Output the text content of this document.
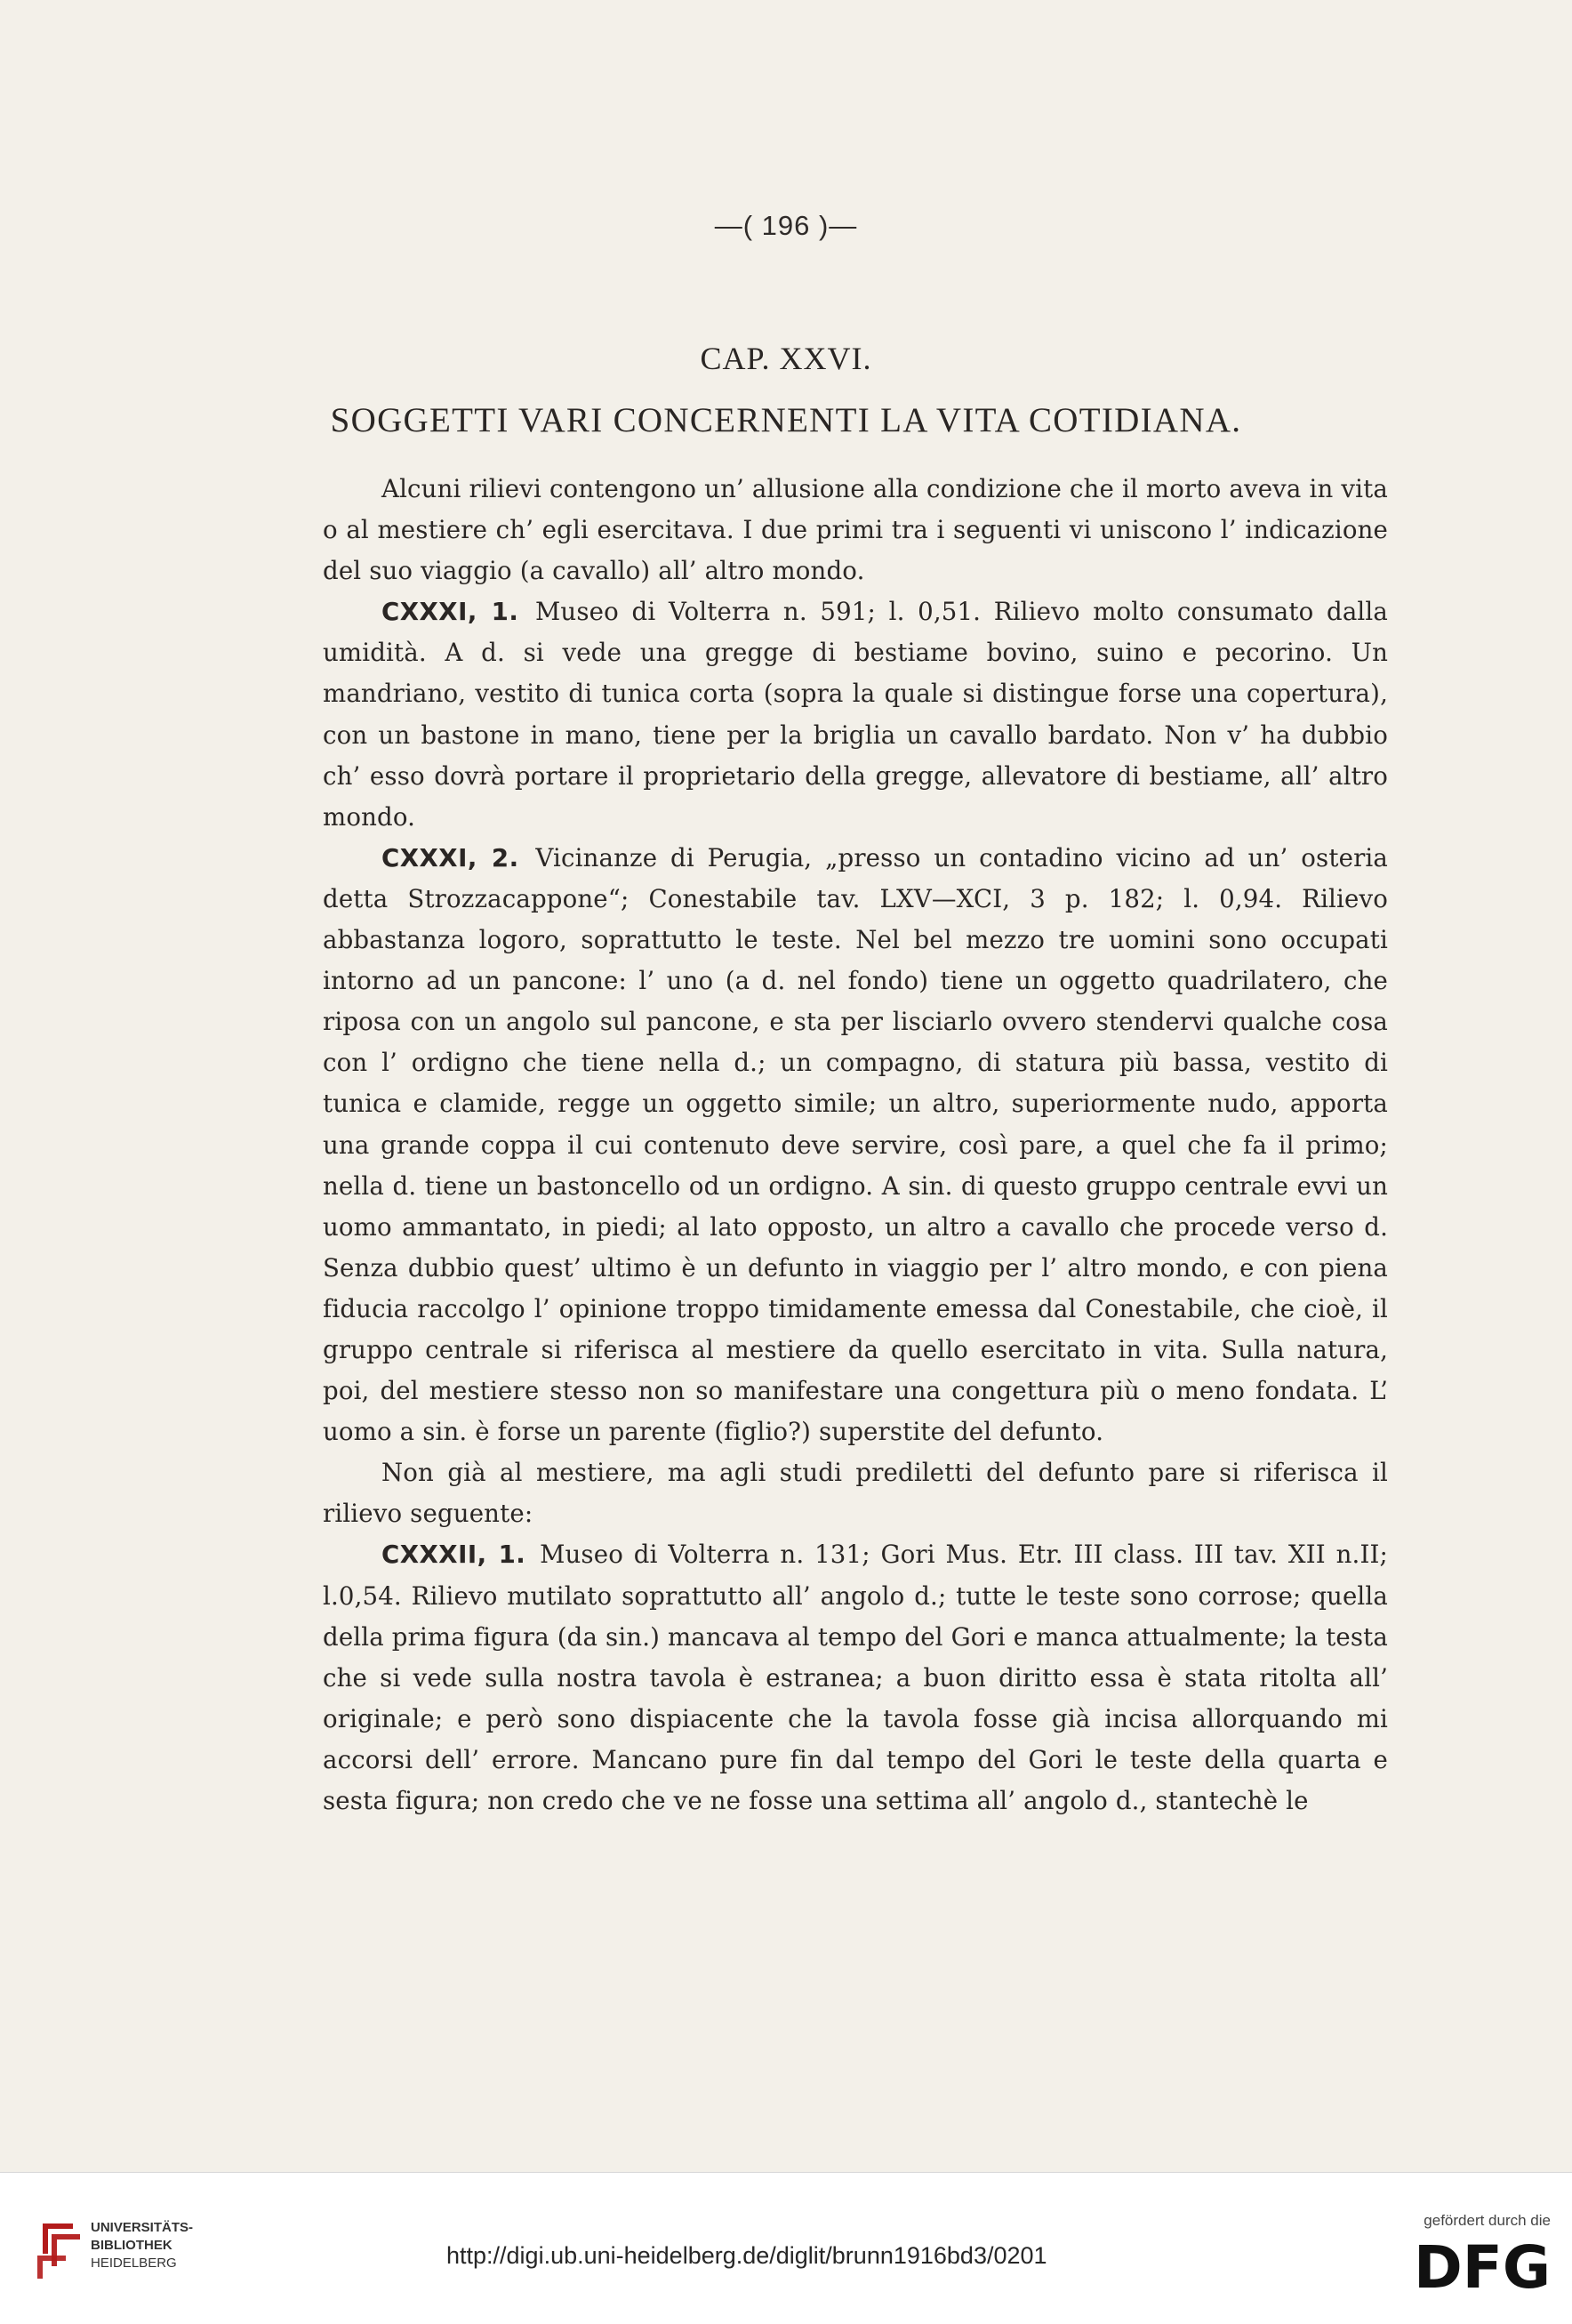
—( 196 )—
CAP. XXVI.
SOGGETTI VARI CONCERNENTI LA VITA COTIDIANA.

Alcuni rilievi contengono un’ allusione alla condizione che il morto aveva in vita o al mestiere ch’ egli esercitava. I due primi tra i seguenti vi uniscono l’ indicazione del suo viaggio (a cavallo) all’ altro mondo.

CXXXI, 1. Museo di Volterra n. 591; l. 0,51. Rilievo molto consumato dalla umidità. A d. si vede una gregge di bestiame bovino, suino e pecorino. Un mandriano, vestito di tunica corta (sopra la quale si distingue forse una copertura), con un bastone in mano, tiene per la briglia un cavallo bardato. Non v’ ha dubbio ch’ esso dovrà portare il proprietario della gregge, allevatore di bestiame, all’ altro mondo.

CXXXI, 2. Vicinanze di Perugia, „presso un contadino vicino ad un’ osteria detta Strozzacappone“; Conestabile tav. LXV—XCI, 3 p. 182; l. 0,94. Rilievo abbastanza logoro, soprattutto le teste. Nel bel mezzo tre uomini sono occupati intorno ad un pancone: l’ uno (a d. nel fondo) tiene un oggetto quadrilatero, che riposa con un angolo sul pancone, e sta per lisciarlo ovvero stendervi qualche cosa con l’ ordigno che tiene nella d.; un compagno, di statura più bassa, vestito di tunica e clamide, regge un oggetto simile; un altro, superiormente nudo, apporta una grande coppa il cui contenuto deve servire, così pare, a quel che fa il primo; nella d. tiene un bastoncello od un ordigno. A sin. di questo gruppo centrale evvi un uomo ammantato, in piedi; al lato opposto, un altro a cavallo che procede verso d. Senza dubbio quest’ ultimo è un defunto in viaggio per l’ altro mondo, e con piena fiducia raccolgo l’ opinione troppo timidamente emessa dal Conestabile, che cioè, il gruppo centrale si riferisca al mestiere da quello esercitato in vita. Sulla natura, poi, del mestiere stesso non so manifestare una congettura più o meno fondata. L’ uomo a sin. è forse un parente (figlio?) superstite del defunto.

Non già al mestiere, ma agli studi prediletti del defunto pare si riferisca il rilievo seguente:

CXXXII, 1. Museo di Volterra n. 131; Gori Mus. Etr. III class. III tav. XII n.II; l.0,54. Rilievo mutilato soprattutto all’ angolo d.; tutte le teste sono corrose; quella della prima figura (da sin.) mancava al tempo del Gori e manca attualmente; la testa che si vede sulla nostra tavola è estranea; a buon diritto essa è stata ritolta all’ originale; e però sono dispiacente che la tavola fosse già incisa allorquando mi accorsi dell’ errore. Mancano pure fin dal tempo del Gori le teste della quarta e sesta figura; non credo che ve ne fosse una settima all’ angolo d., stantechè le

UNIVERSITÄTS-
BIBLIOTHEK
HEIDELBERG	http://digi.ub.uni-heidelberg.de/diglit/brunn1916bd3/0201
gefördert durch die
DFG
